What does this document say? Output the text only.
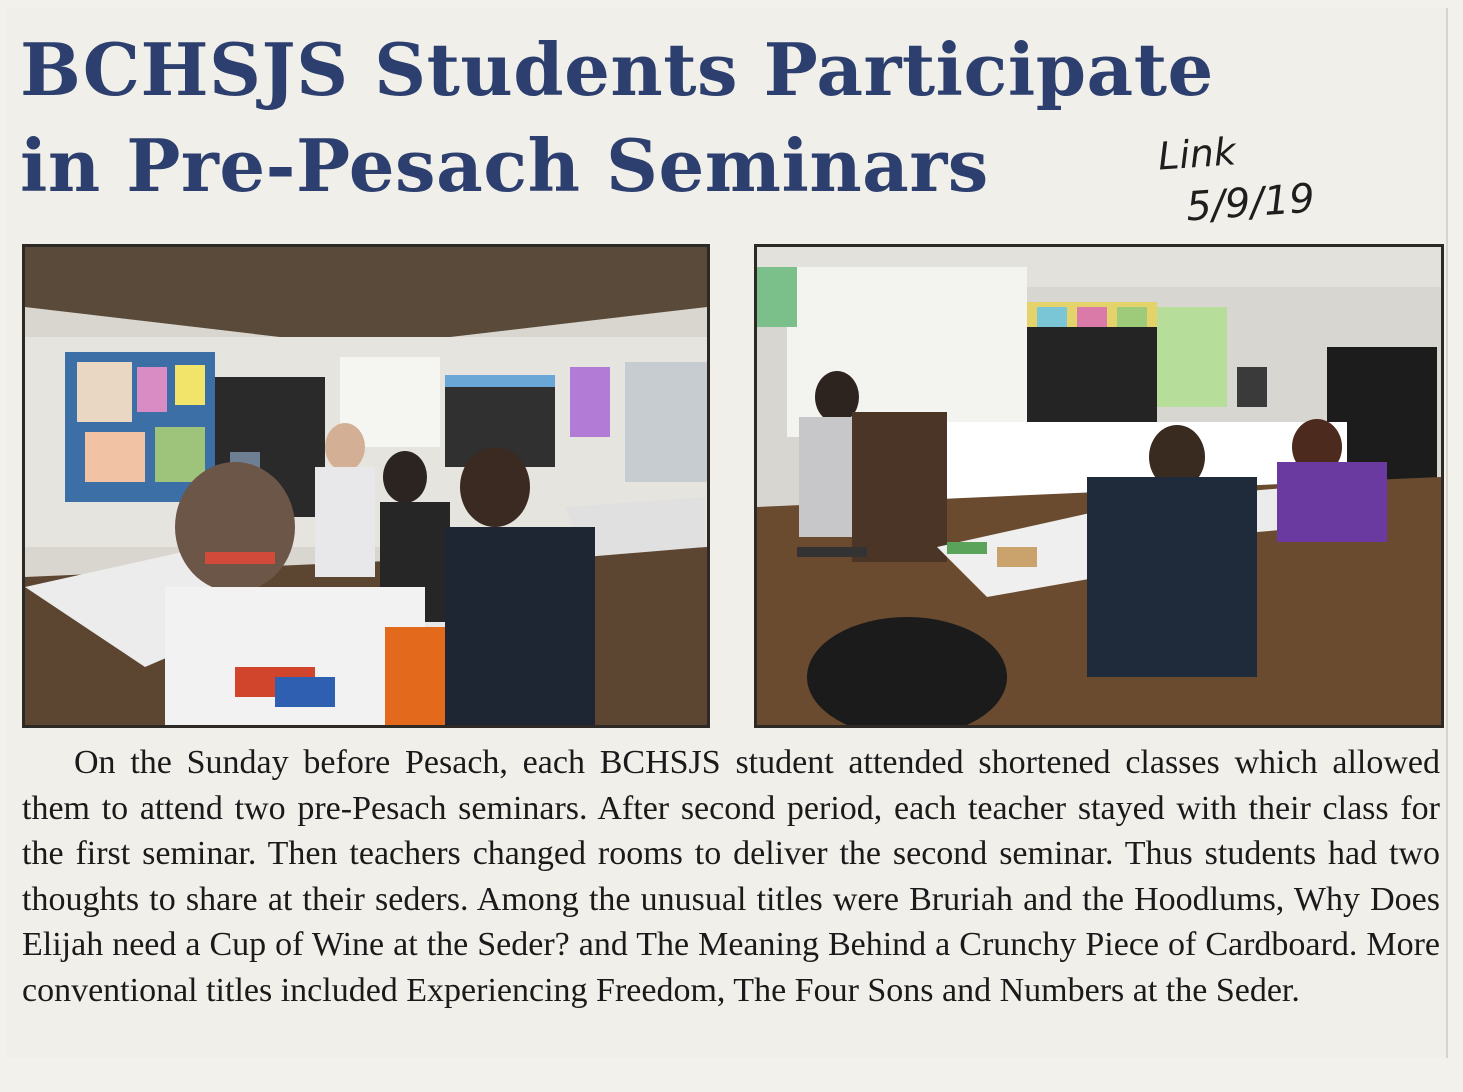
BCHSJS Students Participate
in Pre-Pesach Seminars	Link
5/9/19

On the Sunday before Pesach, each BCHSJS student attended shortened classes which allowed them to attend two pre-Pesach seminars. After second period, each teacher stayed with their class for the first seminar. Then teachers changed rooms to deliver the second seminar. Thus students had two thoughts to share at their seders. Among the unusual titles were Bruriah and the Hoodlums, Why Does Elijah need a Cup of Wine at the Seder? and The Meaning Behind a Crunchy Piece of Cardboard. More conventional titles included Experiencing Freedom, The Four Sons and Numbers at the Seder.
